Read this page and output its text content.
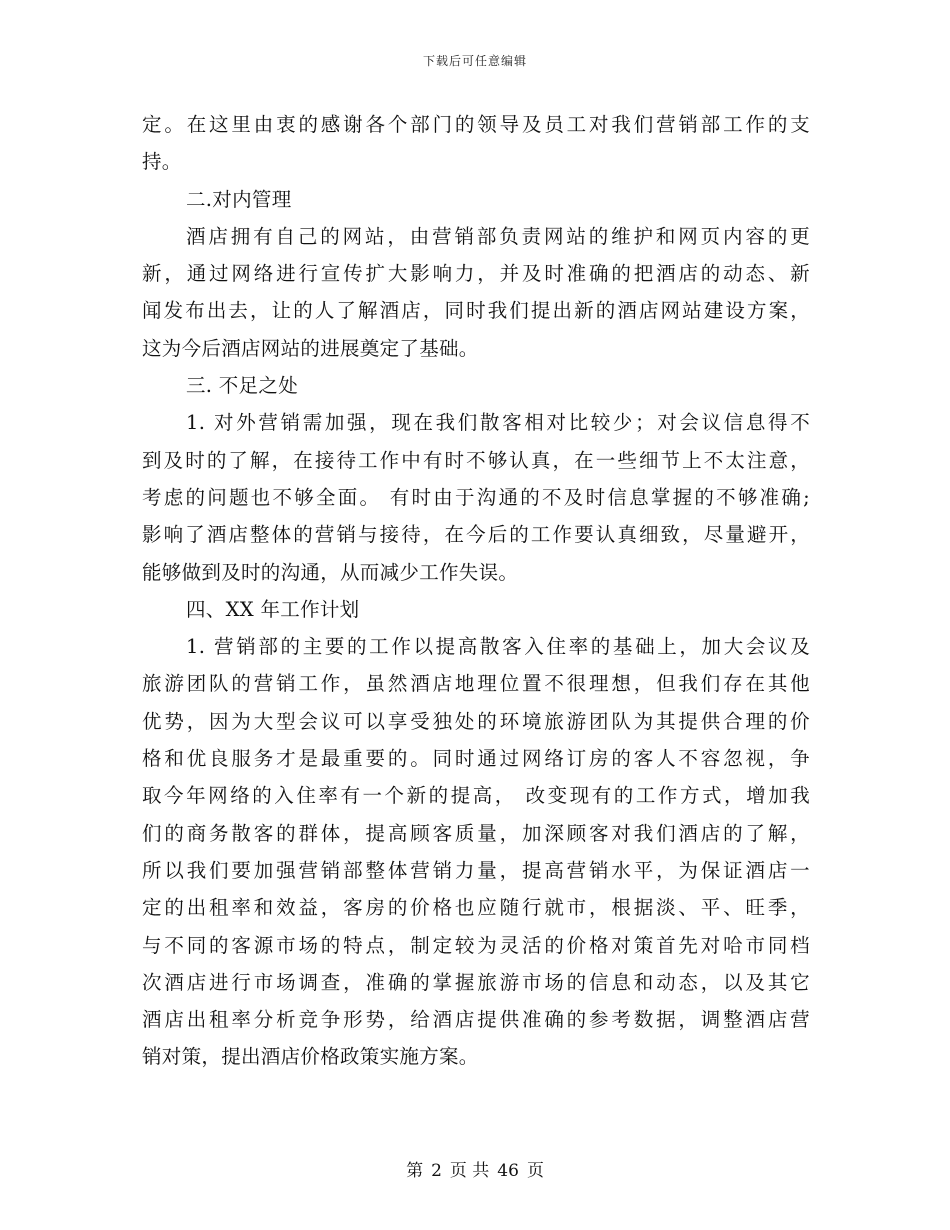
下载后可任意编辑
定。在这里由衷的感谢各个部门的领导及员工对我们营销部工作的支
持。
二.对内管理
酒店拥有自己的网站，由营销部负责网站的维护和网页内容的更
新，通过网络进行宣传扩大影响力，并及时准确的把酒店的动态、新
闻发布出去，让的人了解酒店，同时我们提出新的酒店网站建设方案，
这为今后酒店网站的进展奠定了基础。
三. 不足之处
1. 对外营销需加强，现在我们散客相对比较少；对会议信息得不
到及时的了解，在接待工作中有时不够认真，在一些细节上不太注意，
考虑的问题也不够全面。 有时由于沟通的不及时信息掌握的不够准确;
影响了酒店整体的营销与接待，在今后的工作要认真细致，尽量避开，
能够做到及时的沟通，从而减少工作失误。
四、XX 年工作计划
1. 营销部的主要的工作以提高散客入住率的基础上，加大会议及
旅游团队的营销工作，虽然酒店地理位置不很理想，但我们存在其他
优势，因为大型会议可以享受独处的环境旅游团队为其提供合理的价
格和优良服务才是最重要的。同时通过网络订房的客人不容忽视，争
取今年网络的入住率有一个新的提高， 改变现有的工作方式，增加我
们的商务散客的群体，提高顾客质量，加深顾客对我们酒店的了解，
所以我们要加强营销部整体营销力量，提高营销水平，为保证酒店一
定的出租率和效益，客房的价格也应随行就市，根据淡、平、旺季，
与不同的客源市场的特点，制定较为灵活的价格对策首先对哈市同档
次酒店进行市场调查，准确的掌握旅游市场的信息和动态，以及其它
酒店出租率分析竞争形势，给酒店提供准确的参考数据，调整酒店营
销对策，提出酒店价格政策实施方案。
第 2 页 共 46 页
